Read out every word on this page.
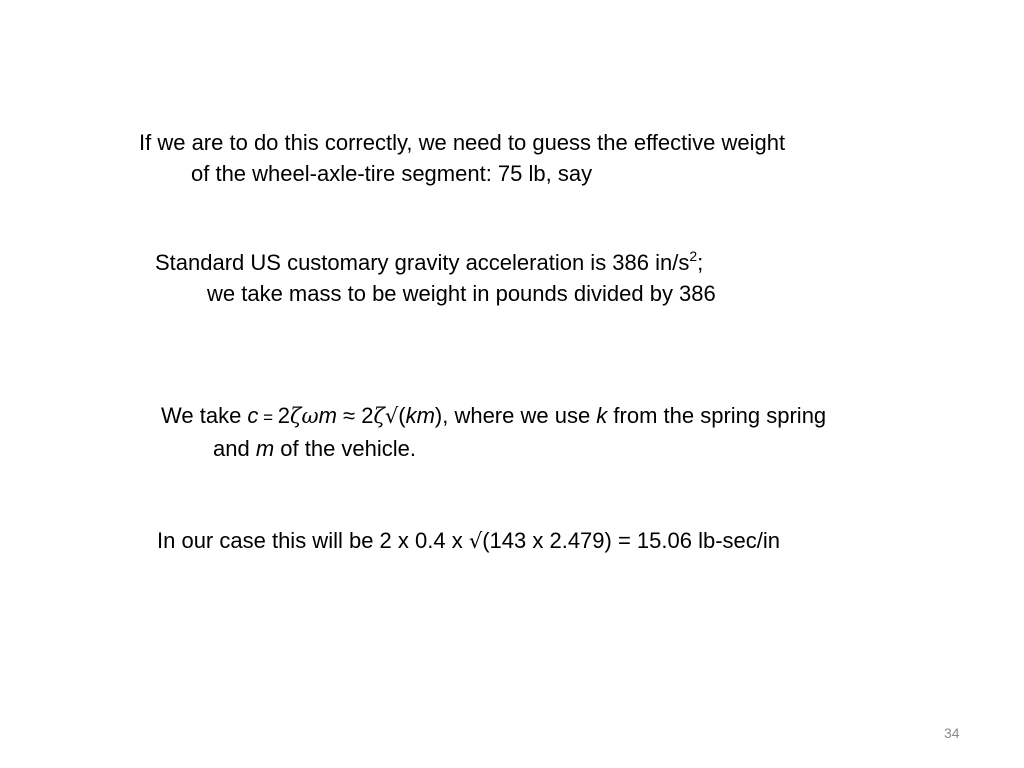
If we are to do this correctly, we need to guess the effective weight
of the wheel-axle-tire segment: 75 lb, say
Standard US customary gravity acceleration is 386 $in/s^2$;
we take mass to be weight in pounds divided by 386
We take c = 2ζωm ≈ 2ζ√(km), where we use k from the spring spring
and m of the vehicle.
In our case this will be 2 x 0.4 x √(143 x 2.479) = 15.06 lb-sec/in
34
